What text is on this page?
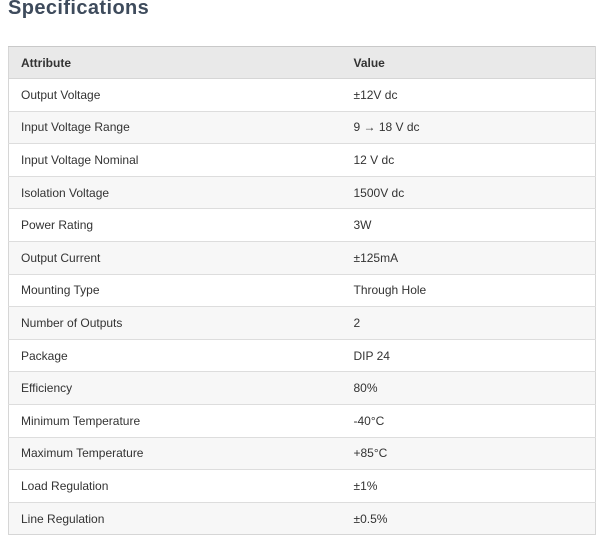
Specifications
Attribute	Value
Output Voltage	±12V dc
Input Voltage Range	9 → 18 V dc
Input Voltage Nominal	12 V dc
Isolation Voltage	1500V dc
Power Rating	3W
Output Current	±125mA
Mounting Type	Through Hole
Number of Outputs	2
Package	DIP 24
Efficiency	80%
Minimum Temperature	-40°C
Maximum Temperature	+85°C
Load Regulation	±1%
Line Regulation	±0.5%
